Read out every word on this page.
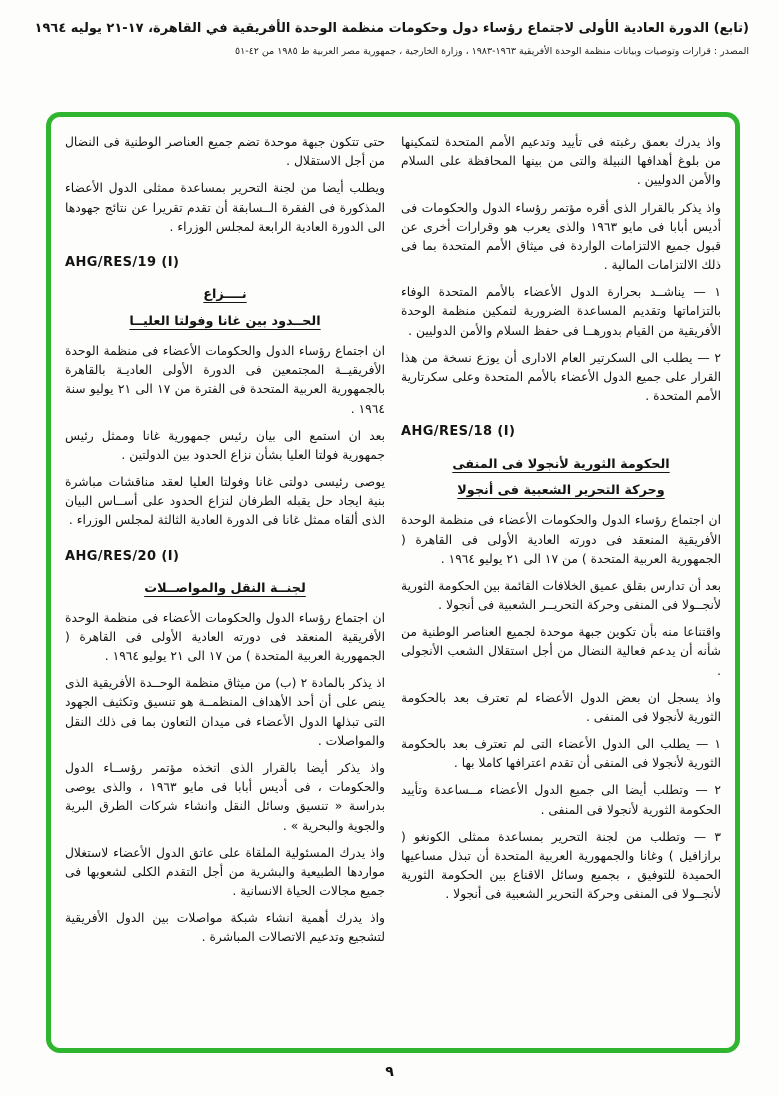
(تابع) الدورة العادية الأولى لاجتماع رؤساء دول وحكومات منظمة الوحدة الأفريقية في القاهرة، ١٧-٢١ يوليه ١٩٦٤
المصدر : قرارات وتوصيات وبيانات منظمة الوحدة الأفريقية ١٩٦٣-١٩٨٣ ، وزارة الخارجية ، جمهورية مصر العربية ط ١٩٨٥ من ٤٢-٥١
واذ يدرك بعمق رغبته فى تأييد وتدعيم الأمم المتحدة لتمكينها من بلوغ أهدافها النبيلة والتى من بينها المحافظة على السلام والأمن الدوليين .
واذ يذكر بالقرار الذى أقره مؤتمر رؤساء الدول والحكومات فى أديس أبابا فى مايو ١٩٦٣ والذى يعرب هو وقرارات أخرى عن قبول جميع الالتزامات الواردة فى ميثاق الأمم المتحدة بما فى ذلك الالتزامات المالية .
١ — يناشــد بحرارة الدول الأعضاء بالأمم المتحدة الوفاء بالتزاماتها وتقديم المساعدة الضرورية لتمكين منظمة الوحدة الأفريقية من القيام بدورهــا فى حفظ السلام والأمن الدوليين .
٢ — يطلب الى السكرتير العام الادارى أن يوزع نسخة من هذا القرار على جميع الدول الأعضاء بالأمم المتحدة وعلى سكرتارية الأمم المتحدة .
AHG/RES/18 (I)
الحكومة الثورية لأنجولا فى المنفى
وحركة التحرير الشعبية فى أنجولا
ان اجتماع رؤساء الدول والحكومات الأعضاء فى منظمة الوحدة الأفريقية المنعقد فى دورته العادية الأولى فى القاهرة ( الجمهورية العربية المتحدة ) من ١٧ الى ٢١ يوليو ١٩٦٤ .
بعد أن تدارس بقلق عميق الخلافات القائمة بين الحكومة الثورية لأنجــولا فى المنفى وحركة التحريــر الشعبية فى أنجولا .
واقتناعا منه بأن تكوين جبهة موحدة لجميع العناصر الوطنية من شأنه أن يدعم فعالية النضال من أجل استقلال الشعب الأنجولى .
واذ يسجل ان بعض الدول الأعضاء لم تعترف بعد بالحكومة الثورية لأنجولا فى المنفى .
١ — يطلب الى الدول الأعضاء التى لم تعترف بعد بالحكومة الثورية لأنجولا فى المنفى أن تقدم اعترافها كاملا بها .
٢ — وتطلب أيضا الى جميع الدول الأعضاء مــساعدة وتأييد الحكومة الثورية لأنجولا فى المنفى .
٣ — وتطلب من لجنة التحرير بمساعدة ممثلى الكونغو ( برازافيل ) وغانا والجمهورية العربية المتحدة أن تبذل مساعيها الحميدة للتوفيق ، بجميع وسائل الاقناع بين الحكومة الثورية لأنجــولا فى المنفى وحركة التحرير الشعبية فى أنجولا .
حتى تتكون جبهة موحدة تضم جميع العناصر الوطنية فى النضال من أجل الاستقلال .
ويطلب أيضا من لجنة التحرير بمساعدة ممثلى الدول الأعضاء المذكورة فى الفقرة الــسابقة أن تقدم تقريرا عن نتائج جهودها الى الدورة العادية الرابعة لمجلس الوزراء .
AHG/RES/19 (I)
نــــزاع
الحــدود بين غانا وفولتا العليــا
ان اجتماع رؤساء الدول والحكومات الأعضاء فى منظمة الوحدة الأفريقيــة المجتمعين فى الدورة الأولى العاديـة بالقاهرة بالجمهورية العربية المتحدة فى الفترة من ١٧ الى ٢١ يوليو سنة ١٩٦٤ .
بعد ان استمع الى بيان رئيس جمهورية غانا وممثل رئيس جمهورية فولتا العليا بشأن نزاع الحدود بين الدولتين .
يوصى رئيسى دولتى غانا وفولتا العليا لعقد مناقشات مباشرة بنية ايجاد حل يقبله الطرفان لنزاع الحدود على أســاس البيان الذى ألقاه ممثل غانا فى الدورة العادية الثالثة لمجلس الوزراء .
AHG/RES/20 (I)
لجنــة النقل والمواصــلات
ان اجتماع رؤساء الدول والحكومات الأعضاء فى منظمة الوحدة الأفريقية المنعقد فى دورته العادية الأولى فى القاهرة ( الجمهورية العربية المتحدة ) من ١٧ الى ٢١ يوليو ١٩٦٤ .
اذ يذكر بالمادة ٢ (ب) من ميثاق منظمة الوحــدة الأفريقية الذى ينص على أن أحد الأهداف المنظمــة هو تنسيق وتكثيف الجهود التى تبذلها الدول الأعضاء فى ميدان التعاون بما فى ذلك النقل والمواصلات .
واذ يذكر أيضا بالقرار الذى اتخذه مؤتمر رؤســاء الدول والحكومات ، فى أديس أبابا فى مايو ١٩٦٣ ، والذى يوصى بدراسة « تنسيق وسائل النقل وانشاء شركات الطرق البرية والجوية والبحرية » .
واذ يدرك المسئولية الملقاة على عاتق الدول الأعضاء لاستغلال مواردها الطبيعية والبشرية من أجل التقدم الكلى لشعوبها فى جميع مجالات الحياة الانسانية .
واذ يدرك أهمية انشاء شبكة مواصلات بين الدول الأفريقية لتشجيع وتدعيم الاتصالات المباشرة .
٩
